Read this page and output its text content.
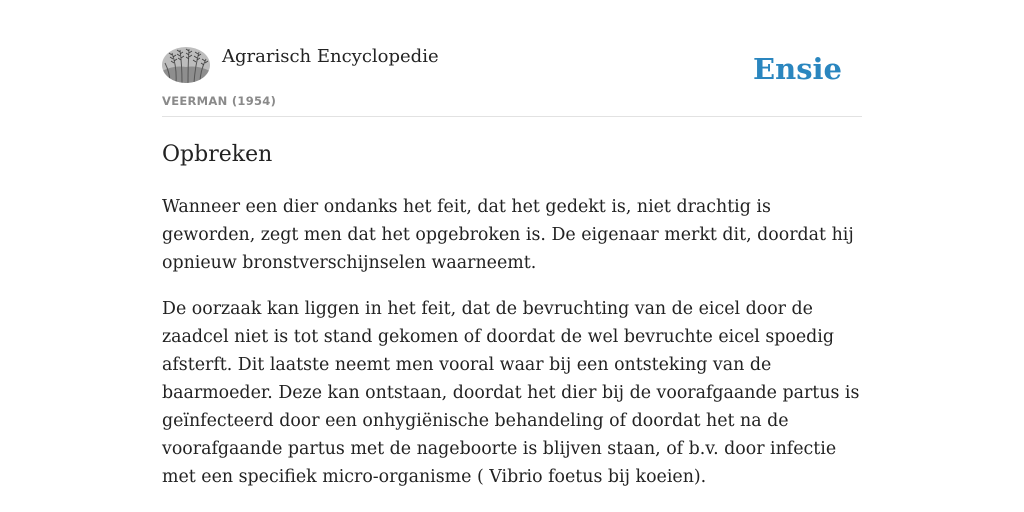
Agrarisch Encyclopedie
VEERMAN (1954)
Ensie
Opbreken

Wanneer een dier ondanks het feit, dat het gedekt is, niet drachtig is geworden, zegt men dat het opgebroken is. De eigenaar merkt dit, doordat hij opnieuw bronstverschijnselen waarneemt.

De oorzaak kan liggen in het feit, dat de bevruchting van de eicel door de zaadcel niet is tot stand gekomen of doordat de wel bevruchte eicel spoedig afsterft. Dit laatste neemt men vooral waar bij een ontsteking van de baarmoeder. Deze kan ontstaan, doordat het dier bij de voorafgaande partus is geïnfecteerd door een onhygiënische behandeling of doordat het na de voorafgaande partus met de nageboorte is blijven staan, of b.v. door infectie met een specifiek micro-organisme ( Vibrio foetus bij koeien).
